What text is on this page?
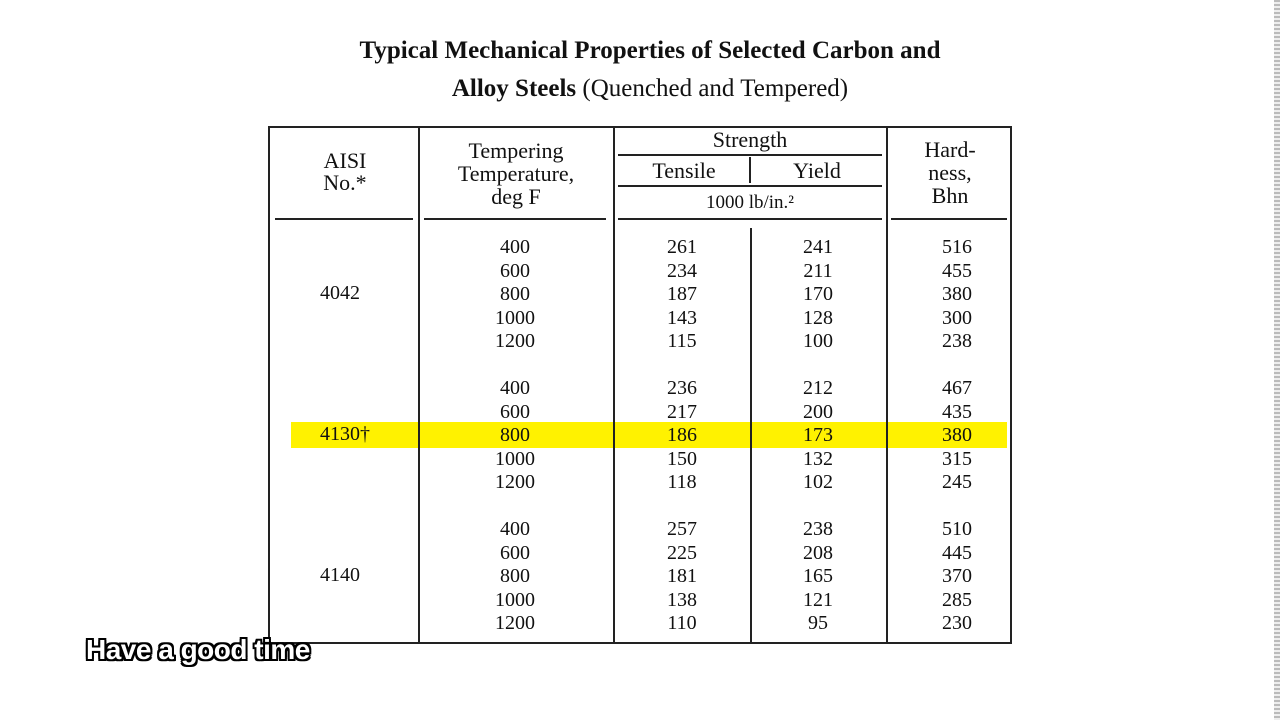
Typical Mechanical Properties of Selected Carbon and
Alloy Steels (Quenched and Tempered)
AISI
No.*
Tempering
Temperature,
deg F
Strength
Tensile	Yield
1000 lb/in.²
Hard-
ness,
Bhn
4042
400
600
800
1000
1200
261
234
187
143
115
241
211
170
128
100
516
455
380
300
238
4130†
400
600
800
1000
1200
236
217
186
150
118
212
200
173
132
102
467
435
380
315
245
4140
400
600
800
1000
1200
257
225
181
138
110
238
208
165
121
95
510
445
370
285
230
Have a good time
